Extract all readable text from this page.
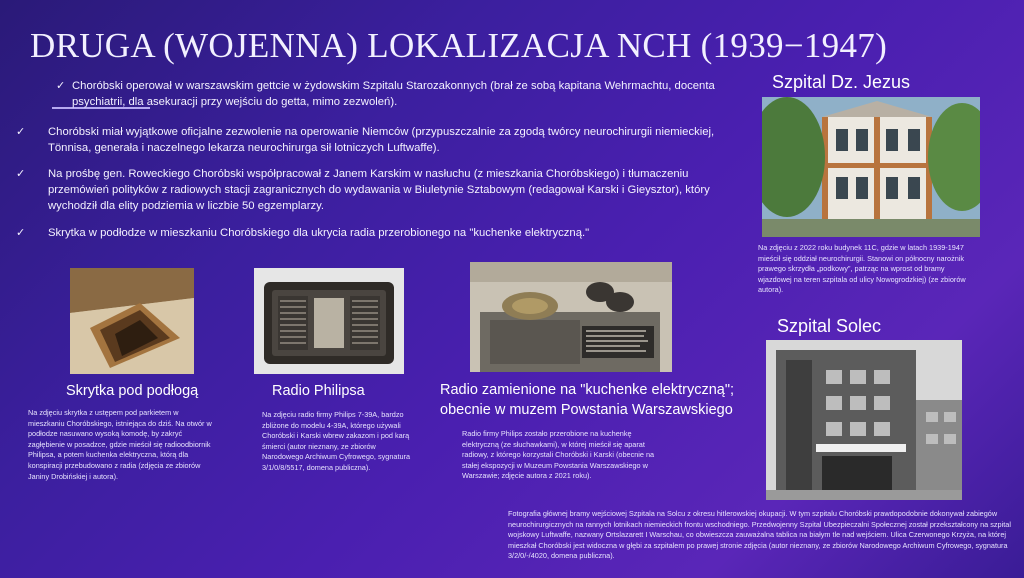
DRUGA (WOJENNA) LOKALIZACJA NCH (1939−1947)
✓ Choróbski operował w warszawskim gettcie w żydowskim Szpitalu Starozakonnych (brał ze sobą kapitana Wehrmachtu, docenta psychiatrii, dla asekuracji przy wejściu do getta, mimo zezwoleń).
✓ Choróbski miał wyjątkowe oficjalne zezwolenie na operowanie Niemców (przypuszczalnie za zgodą twórcy neurochirurgii niemieckiej, Tönnisa, generała i naczelnego lekarza neurochirurga sił lotniczych Luftwaffe).
✓ Na prośbę gen. Roweckiego Choróbski współpracował z Janem Karskim w nasłuchu (z mieszkania Choróbskiego) i tłumaczeniu przemówień polityków z radiowych stacji zagranicznych do wydawania w Biuletynie Sztabowym (redagował Karski i Gieysztor), który wychodził dla elity podziemia w liczbie 50 egzemplarzy.
✓ Skrytka w podłodze w mieszkaniu Choróbskiego dla ukrycia radia przerobionego na "kuchenke elektryczną."
Skrytka pod podłogą
Na zdjęciu skrytka z ustępem pod parkietem w mieszkaniu Choróbskiego, istniejąca do dziś. Na otwór w podłodze nasuwano wysoką komodę, by zakryć zagłębienie w posadzce, gdzie mieścił się radioodbiornik Philipsa, a potem kuchenka elektryczna, którą dla konspiracji przebudowano z radia (zdjęcia ze zbiorów Janiny Drobińskiej i autora).
Radio Philipsa
Na zdjęciu radio firmy Philips 7-39A, bardzo zbliżone do modelu 4-39A, którego używali Choróbski i Karski wbrew zakazom i pod karą śmierci (autor nieznany, ze zbiorów Narodowego Archiwum Cyfrowego, sygnatura 3/1/0/8/5517, domena publiczna).
Radio zamienione na "kuchenke elektryczną";
obecnie w muzem Powstania Warszawskiego
Radio firmy Philips zostało przerobione na kuchenkę elektryczną (ze słuchawkami), w której mieścił się aparat radiowy, z którego korzystali Choróbski i Karski (obecnie na stałej ekspozycji w Muzeum Powstania Warszawskiego w Warszawie; zdjęcie autora z 2021 roku).
Szpital Dz. Jezus
Na zdjęciu z 2022 roku budynek 11C, gdzie w latach 1939-1947 mieścił się oddział neurochirurgii. Stanowi on północny narożnik prawego skrzydła „podkowy”, patrząc na wprost od bramy wjazdowej na teren szpitala od ulicy Nowogrodzkiej) (ze zbiorów autora).
Szpital Solec
Fotografia głównej bramy wejściowej Szpitala na Solcu z okresu hitlerowskiej okupacji. W tym szpitalu Choróbski prawdopodobnie dokonywał zabiegów neurochirurgicznych na rannych lotnikach niemieckich frontu wschodniego. Przedwojenny Szpital Ubezpieczalni Społecznej został przekształcony na szpital wojskowy Luftwaffe, nazwany Ortslazarett I Warschau, co obwieszcza zauważalna tablica na białym tle nad wejściem. Ulica Czerwonego Krzyża, na której mieszkał Choróbski jest widoczna w głębi za szpitalem po prawej stronie zdjęcia (autor nieznany, ze zbiorów Narodowego Archiwum Cyfrowego, sygnatura 3/2/0/-/4020, domena publiczna).
